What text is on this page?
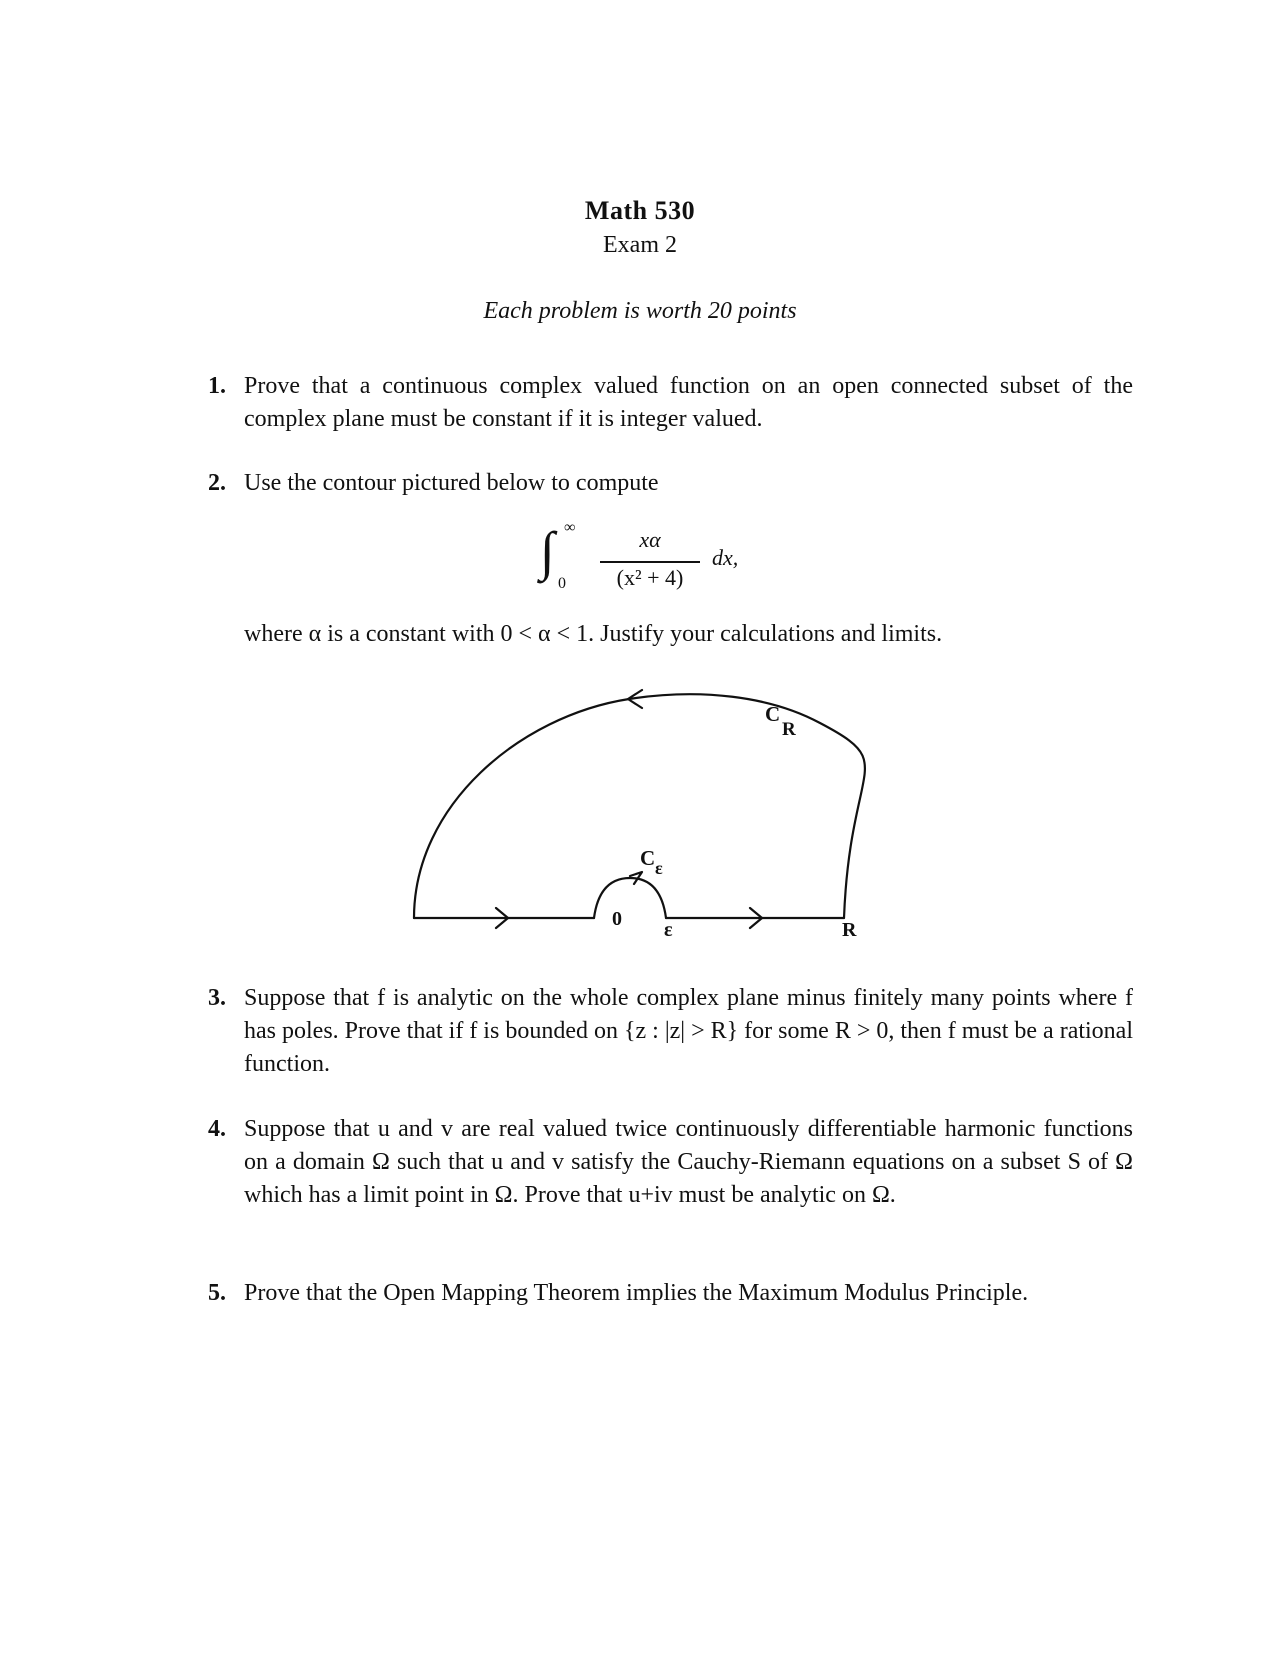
Math 530
Exam 2
Each problem is worth 20 points
1. Prove that a continuous complex valued function on an open connected subset of the complex plane must be constant if it is integer valued.
2. Use the contour pictured below to compute
∫ ∞
0
xα
(x² + 4)
dx,
where α is a constant with 0 < α < 1. Justify your calculations and limits.
C
R
C ε
0 ε	R
3. Suppose that f is analytic on the whole complex plane minus finitely many points where f has poles. Prove that if f is bounded on {z : |z| > R} for some R > 0, then f must be a rational function.
4. Suppose that u and v are real valued twice continuously differentiable harmonic functions on a domain Ω such that u and v satisfy the Cauchy-Riemann equations on a subset S of Ω which has a limit point in Ω. Prove that u+iv must be analytic on Ω.
5. Prove that the Open Mapping Theorem implies the Maximum Modulus Principle.
